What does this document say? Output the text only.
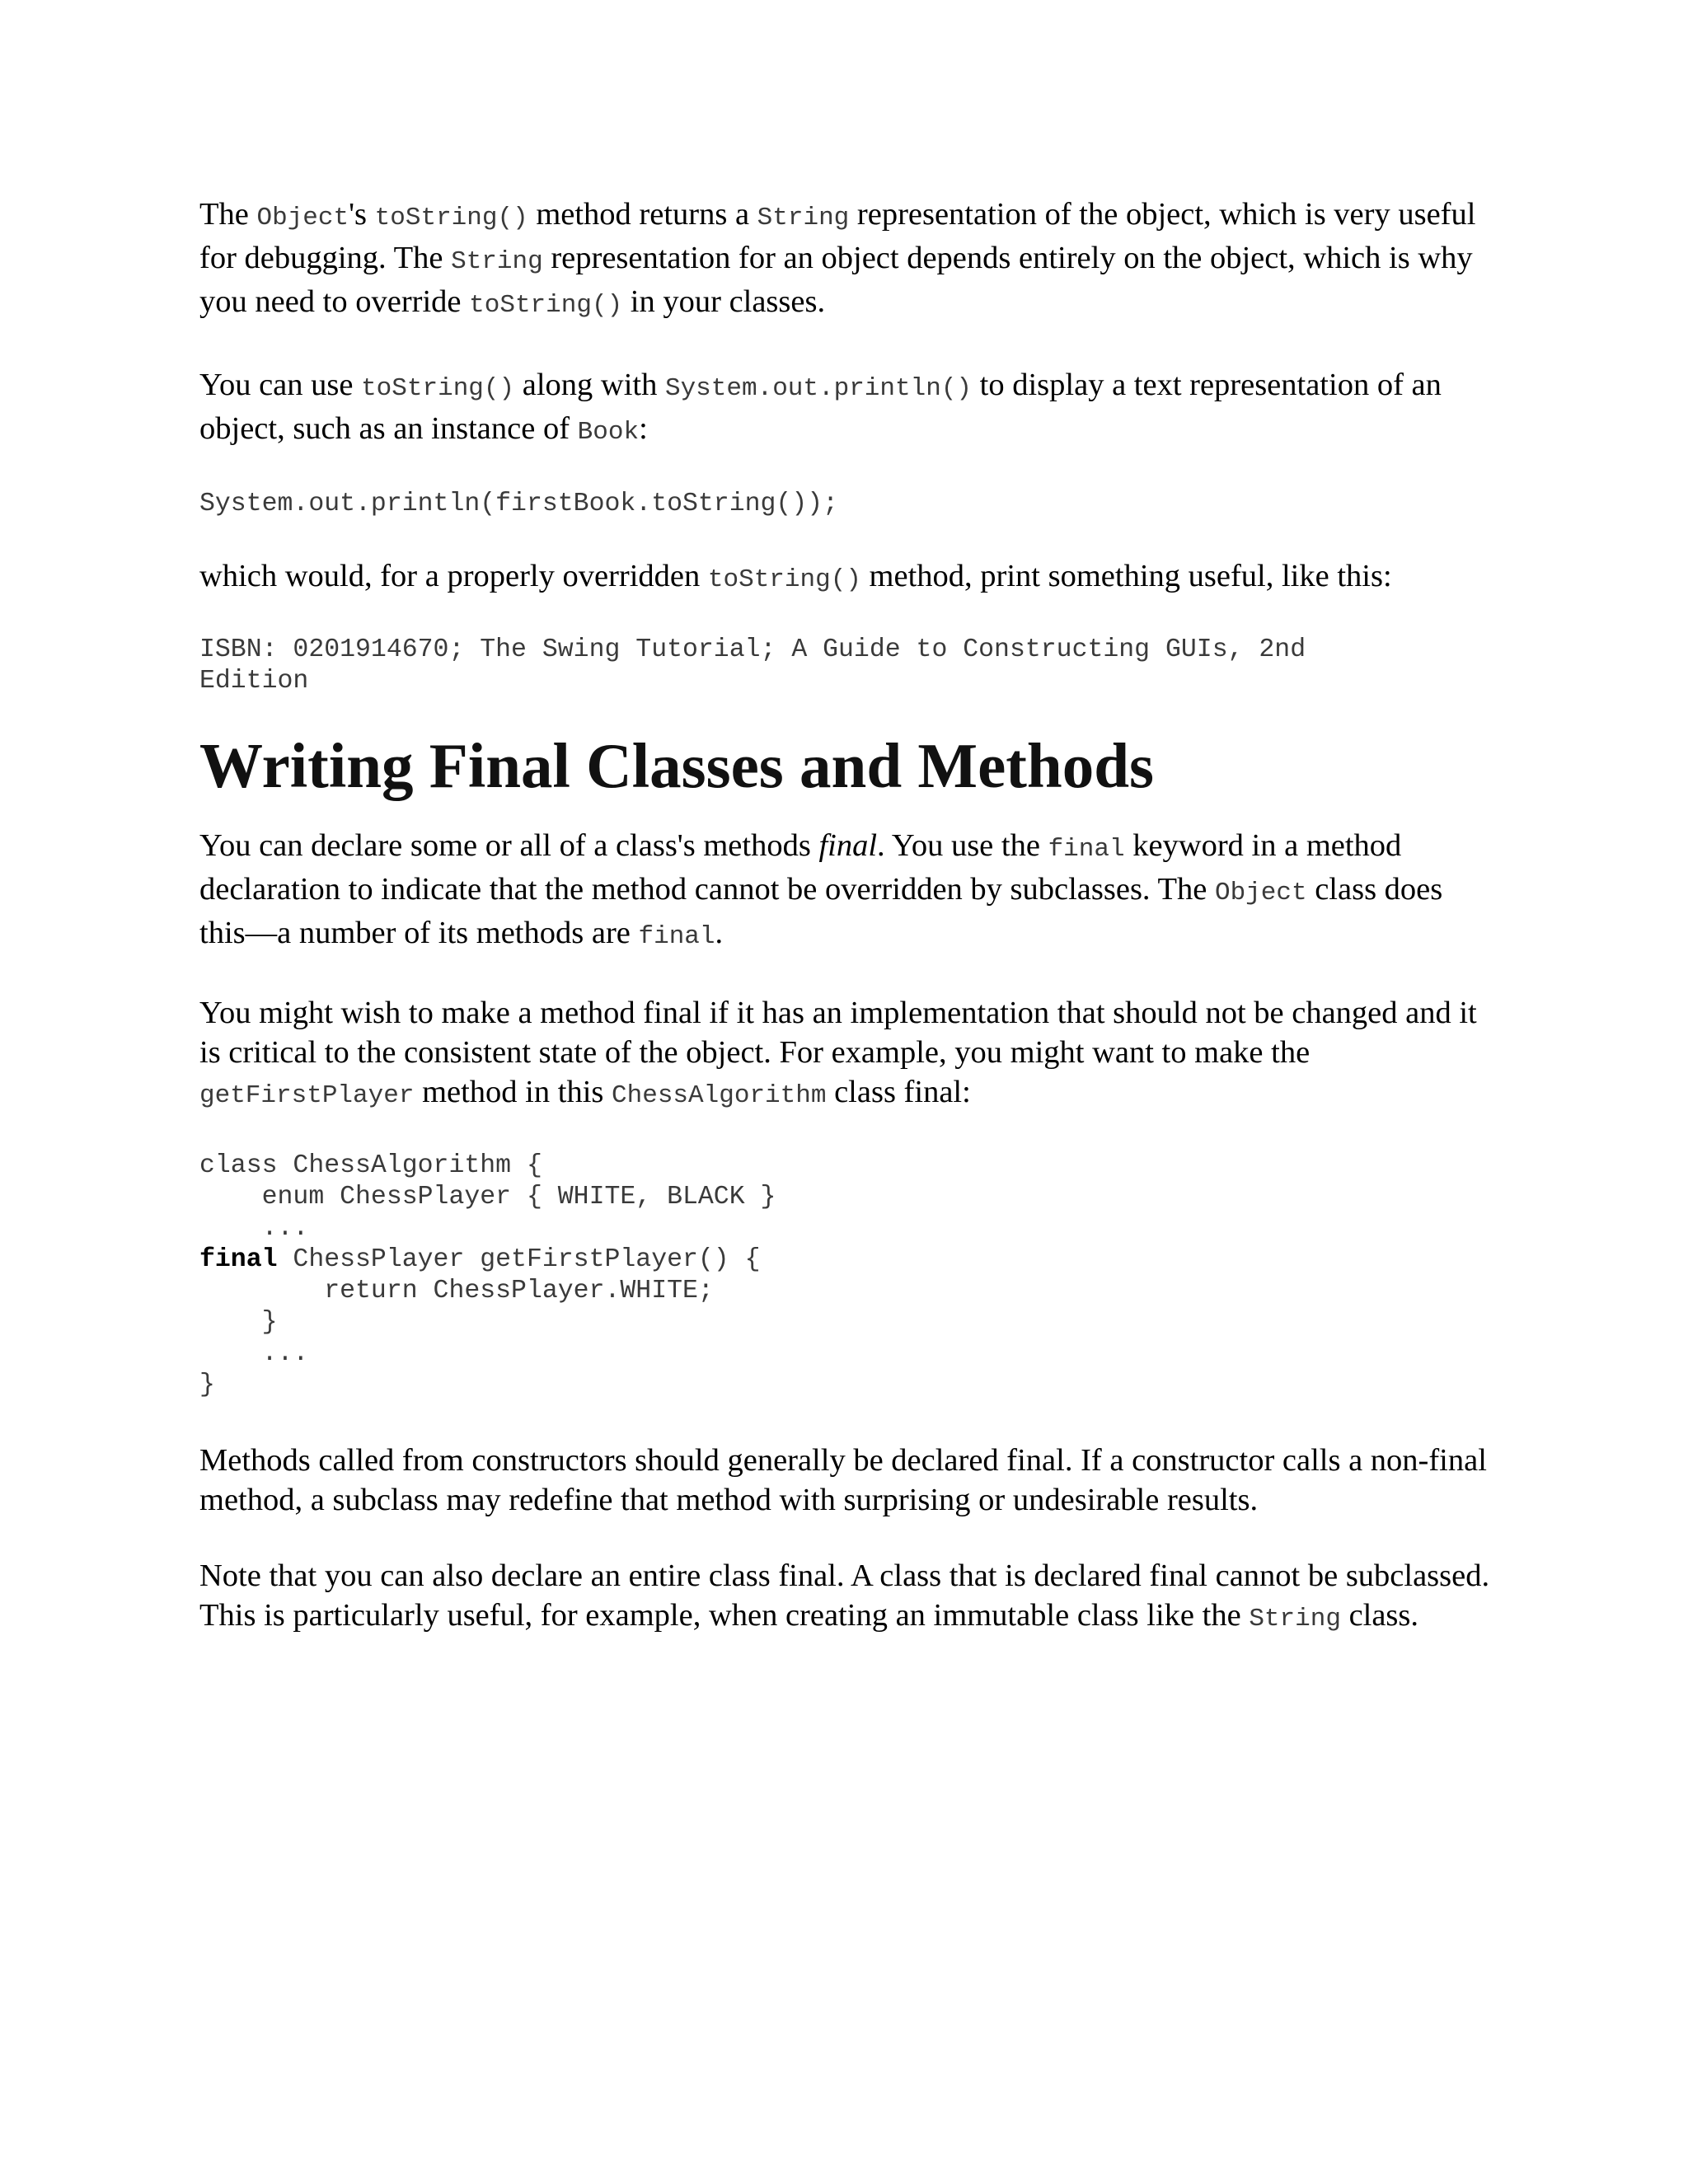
The Object's toString() method returns a String representation of the object, which is very useful for debugging. The String representation for an object depends entirely on the object, which is why you need to override toString() in your classes.

You can use toString() along with System.out.println() to display a text representation of an object, such as an instance of Book:

System.out.println(firstBook.toString());

which would, for a properly overridden toString() method, print something useful, like this:

ISBN: 0201914670; The Swing Tutorial; A Guide to Constructing GUIs, 2nd
Edition
Writing Final Classes and Methods

You can declare some or all of a class's methods final. You use the final keyword in a method declaration to indicate that the method cannot be overridden by subclasses. The Object class does this—a number of its methods are final.

You might wish to make a method final if it has an implementation that should not be changed and it is critical to the consistent state of the object. For example, you might want to make the getFirstPlayer method in this ChessAlgorithm class final:

class ChessAlgorithm {
enum ChessPlayer { WHITE, BLACK }
...
final ChessPlayer getFirstPlayer() {
return ChessPlayer.WHITE;
}
...
}

Methods called from constructors should generally be declared final. If a constructor calls a non-final method, a subclass may redefine that method with surprising or undesirable results.

Note that you can also declare an entire class final. A class that is declared final cannot be subclassed. This is particularly useful, for example, when creating an immutable class like the String class.
